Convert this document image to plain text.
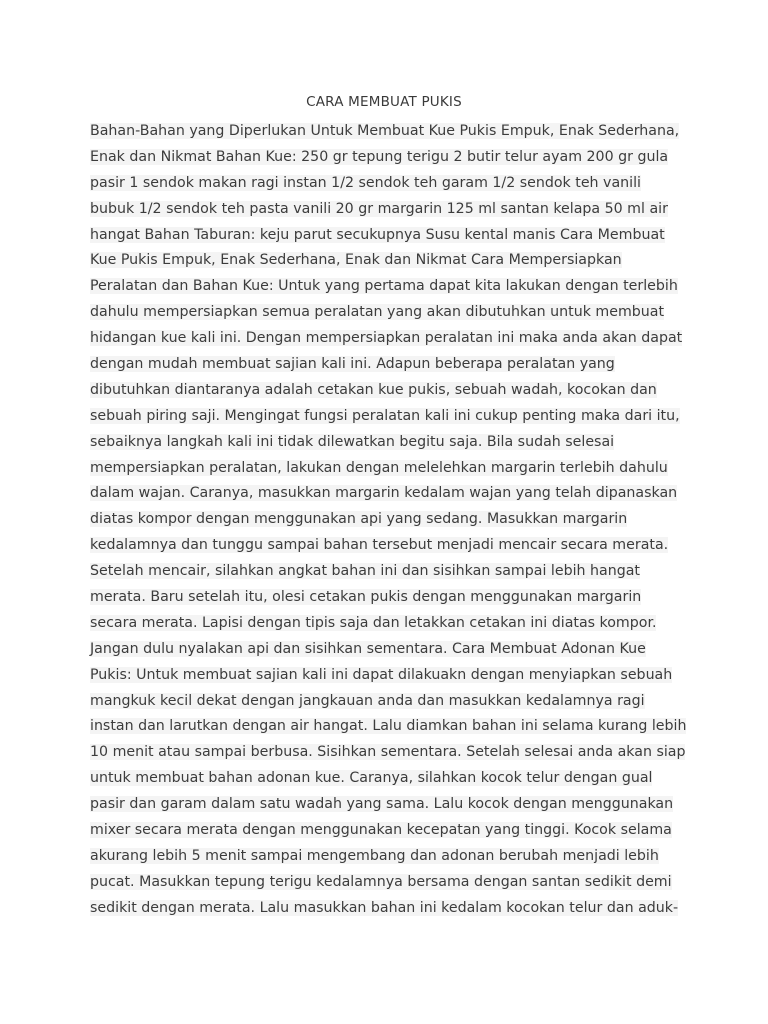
CARA MEMBUAT PUKIS
Bahan-Bahan yang Diperlukan Untuk Membuat Kue Pukis Empuk, Enak Sederhana,
Enak dan Nikmat Bahan Kue: 250 gr tepung terigu 2 butir telur ayam 200 gr gula
pasir 1 sendok makan ragi instan 1/2 sendok teh garam 1/2 sendok teh vanili
bubuk 1/2 sendok teh pasta vanili 20 gr margarin 125 ml santan kelapa 50 ml air
hangat Bahan Taburan: keju parut secukupnya Susu kental manis Cara Membuat
Kue Pukis Empuk, Enak Sederhana, Enak dan Nikmat Cara Mempersiapkan
Peralatan dan Bahan Kue: Untuk yang pertama dapat kita lakukan dengan terlebih
dahulu mempersiapkan semua peralatan yang akan dibutuhkan untuk membuat
hidangan kue kali ini. Dengan mempersiapkan peralatan ini maka anda akan dapat
dengan mudah membuat sajian kali ini. Adapun beberapa peralatan yang
dibutuhkan diantaranya adalah cetakan kue pukis, sebuah wadah, kocokan dan
sebuah piring saji. Mengingat fungsi peralatan kali ini cukup penting maka dari itu,
sebaiknya langkah kali ini tidak dilewatkan begitu saja. Bila sudah selesai
mempersiapkan peralatan, lakukan dengan melelehkan margarin terlebih dahulu
dalam wajan. Caranya, masukkan margarin kedalam wajan yang telah dipanaskan
diatas kompor dengan menggunakan api yang sedang. Masukkan margarin
kedalamnya dan tunggu sampai bahan tersebut menjadi mencair secara merata.
Setelah mencair, silahkan angkat bahan ini dan sisihkan sampai lebih hangat
merata. Baru setelah itu, olesi cetakan pukis dengan menggunakan margarin
secara merata. Lapisi dengan tipis saja dan letakkan cetakan ini diatas kompor.
Jangan dulu nyalakan api dan sisihkan sementara. Cara Membuat Adonan Kue
Pukis: Untuk membuat sajian kali ini dapat dilakuakn dengan menyiapkan sebuah
mangkuk kecil dekat dengan jangkauan anda dan masukkan kedalamnya ragi
instan dan larutkan dengan air hangat. Lalu diamkan bahan ini selama kurang lebih
10 menit atau sampai berbusa. Sisihkan sementara. Setelah selesai anda akan siap
untuk membuat bahan adonan kue. Caranya, silahkan kocok telur dengan gual
pasir dan garam dalam satu wadah yang sama. Lalu kocok dengan menggunakan
mixer secara merata dengan menggunakan kecepatan yang tinggi. Kocok selama
akurang lebih 5 menit sampai mengembang dan adonan berubah menjadi lebih
pucat. Masukkan tepung terigu kedalamnya bersama dengan santan sedikit demi
sedikit dengan merata. Lalu masukkan bahan ini kedalam kocokan telur dan aduk-
